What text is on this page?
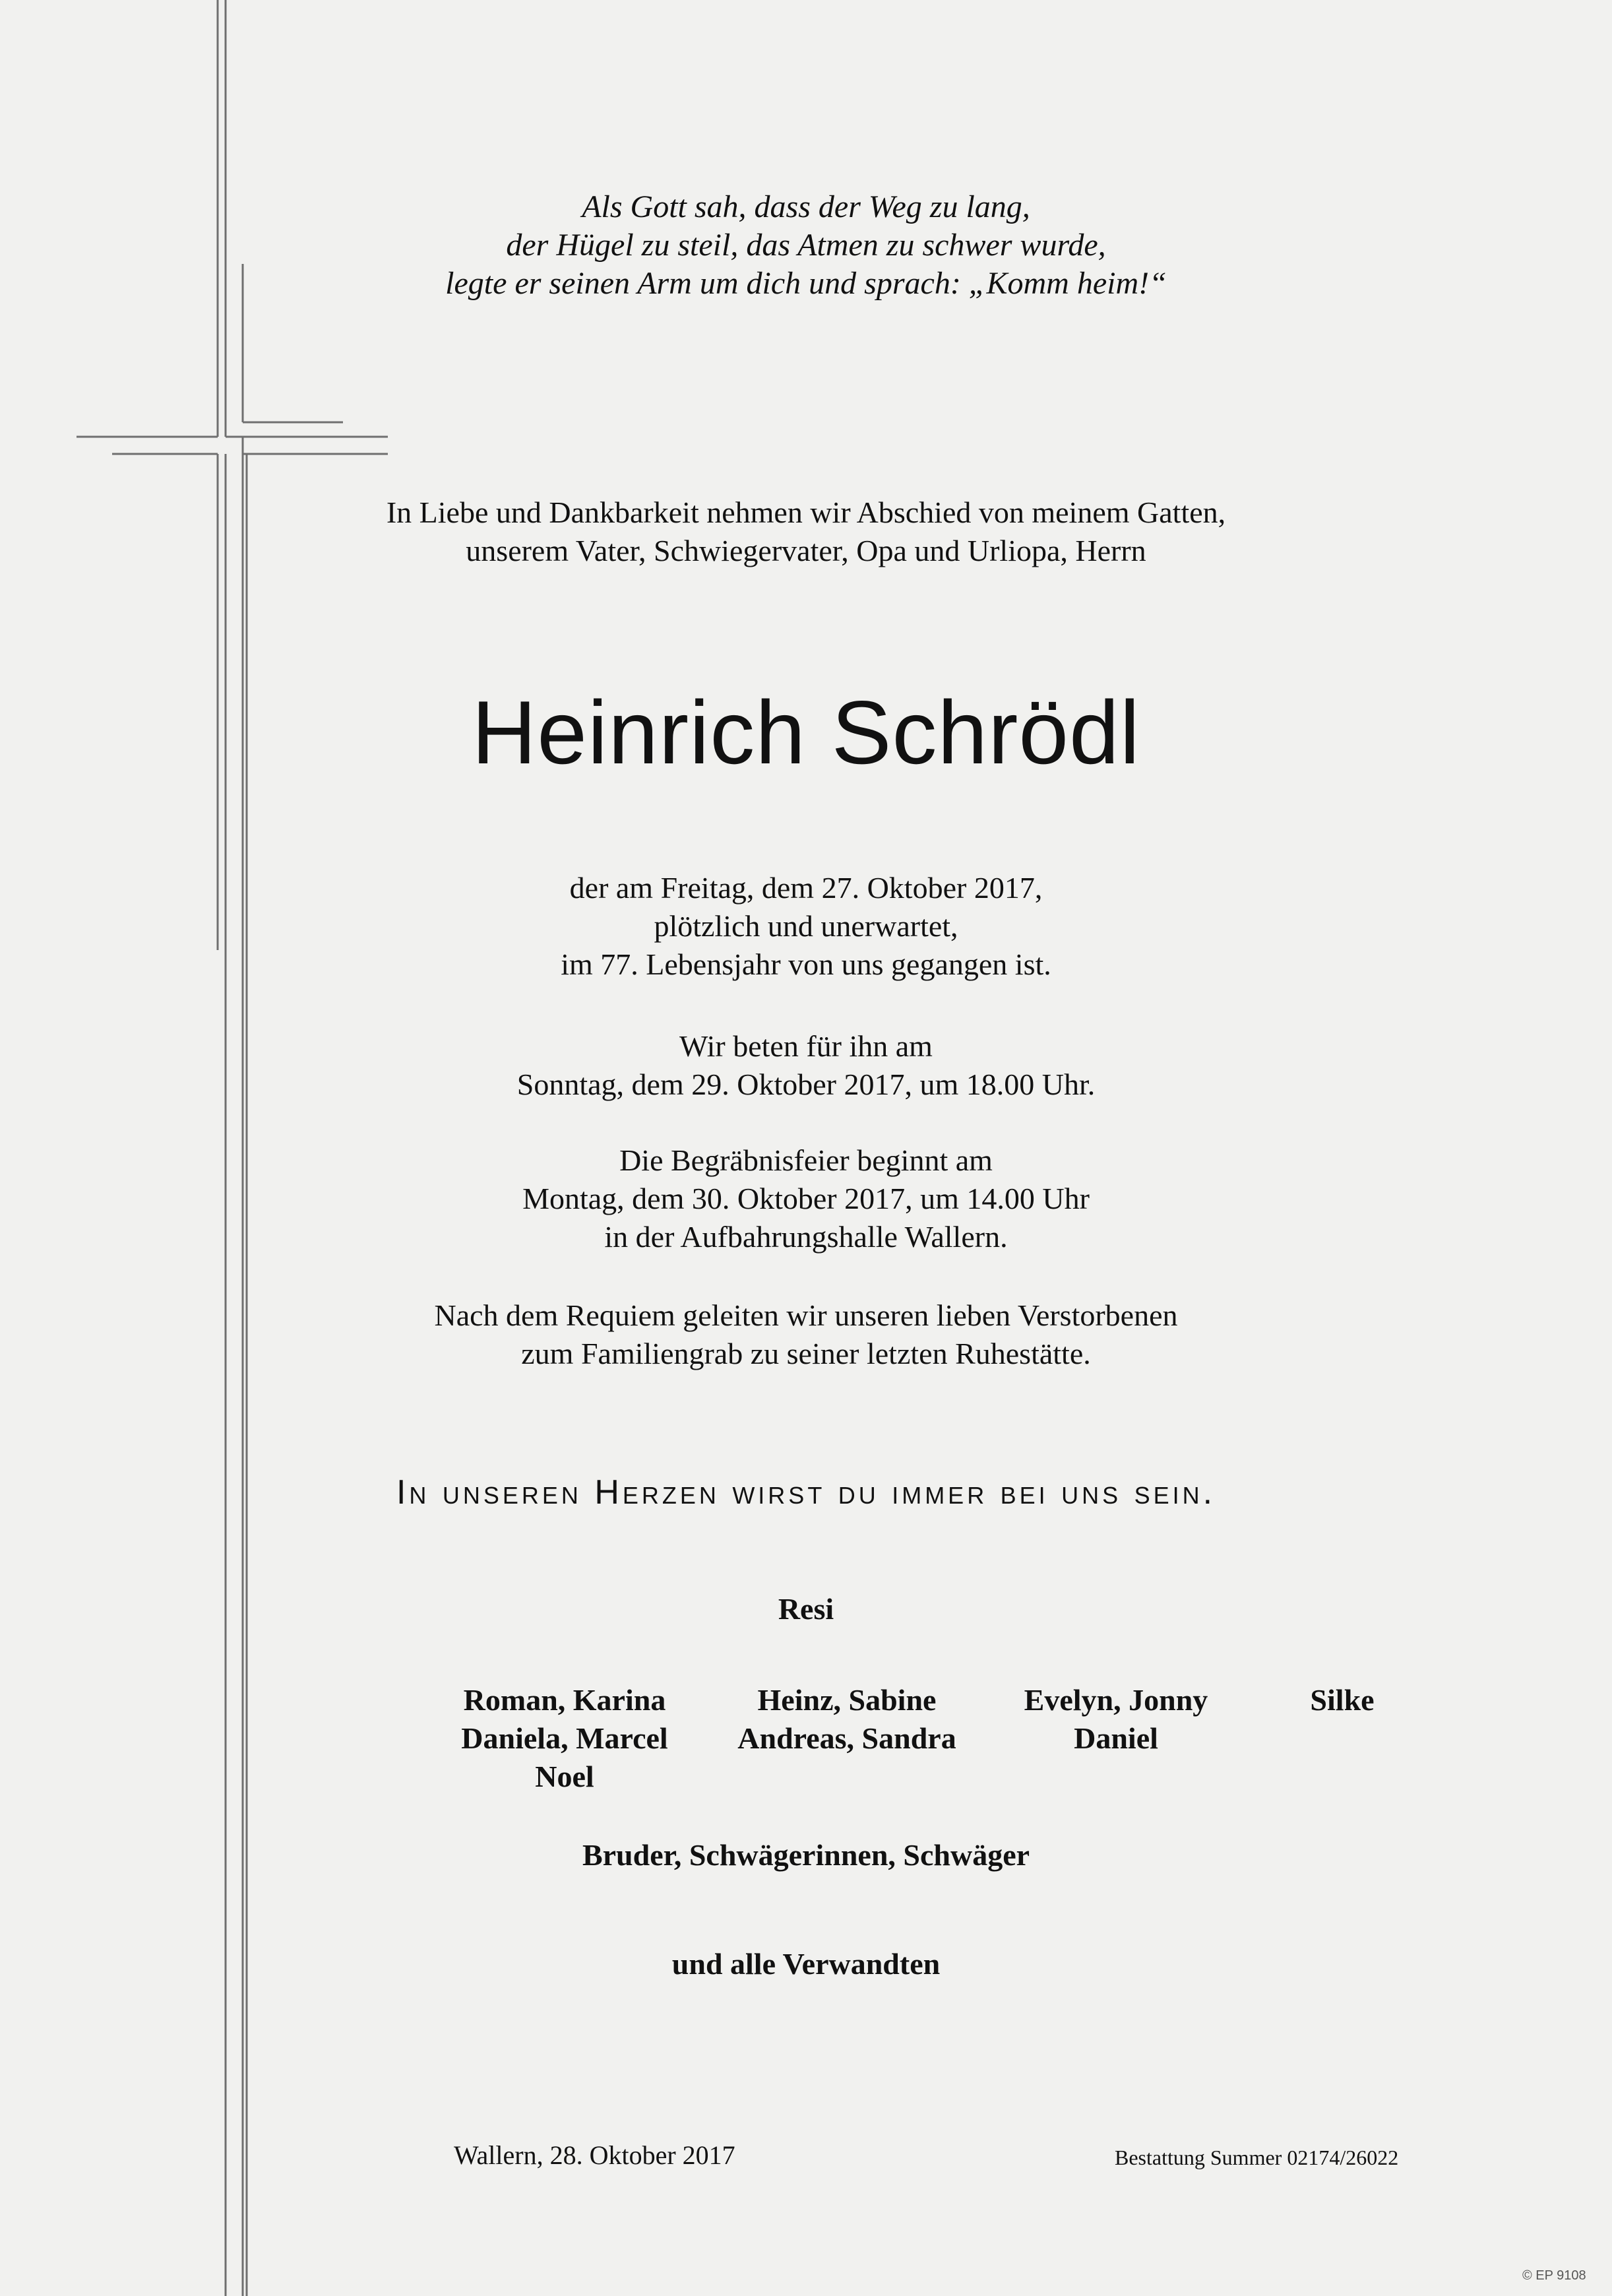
Als Gott sah, dass der Weg zu lang,
der Hügel zu steil, das Atmen zu schwer wurde,
legte er seinen Arm um dich und sprach: „Komm heim!“
In Liebe und Dankbarkeit nehmen wir Abschied von meinem Gatten,
unserem Vater, Schwiegervater, Opa und Urliopa, Herrn
Heinrich Schrödl
der am Freitag, dem 27. Oktober 2017,
plötzlich und unerwartet,
im 77. Lebensjahr von uns gegangen ist.
Wir beten für ihn am
Sonntag, dem 29. Oktober 2017, um 18.00 Uhr.
Die Begräbnisfeier beginnt am
Montag, dem 30. Oktober 2017, um 14.00 Uhr
in der Aufbahrungshalle Wallern.
Nach dem Requiem geleiten wir unseren lieben Verstorbenen
zum Familiengrab zu seiner letzten Ruhestätte.
In unseren Herzen wirst du immer bei uns sein.
Resi
Roman, Karina
Daniela, Marcel
Noel
Heinz, Sabine
Andreas, Sandra
Evelyn, Jonny
Daniel
Silke
Bruder, Schwägerinnen, Schwäger
und alle Verwandten
Wallern, 28. Oktober 2017	Bestattung Summer 02174/26022
© EP 9108
